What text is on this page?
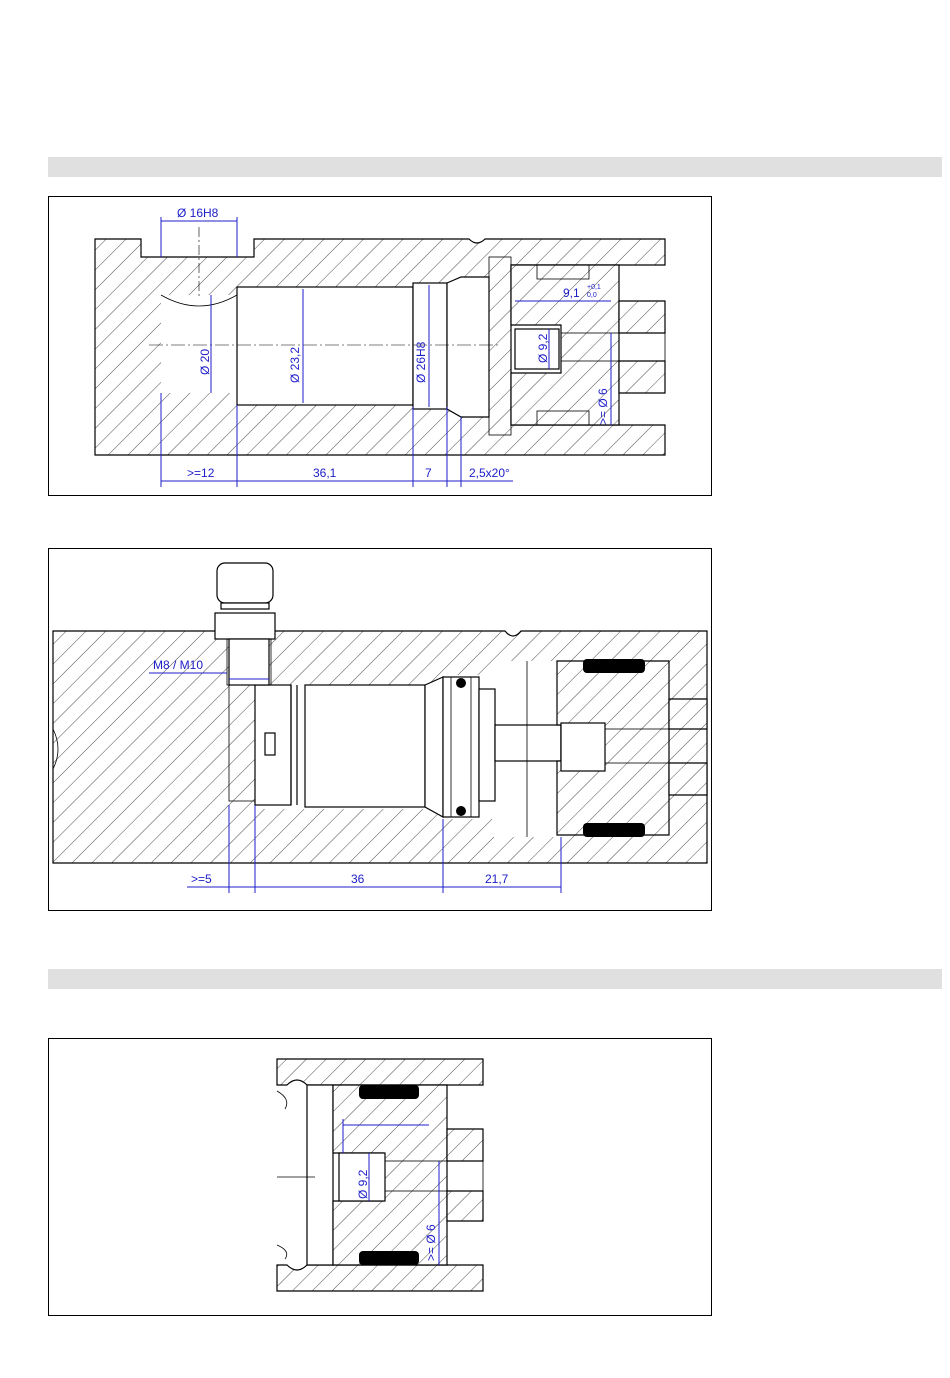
Ø 16H8
Ø 20	Ø 23,2	Ø 26H8
9,1 +0,1
0,0
Ø 9,2
>= Ø 6
>=12	36,1	7	2,5x20°
M8 / M10
>=5	36	21,7
Ø 9,2
>= Ø 6
